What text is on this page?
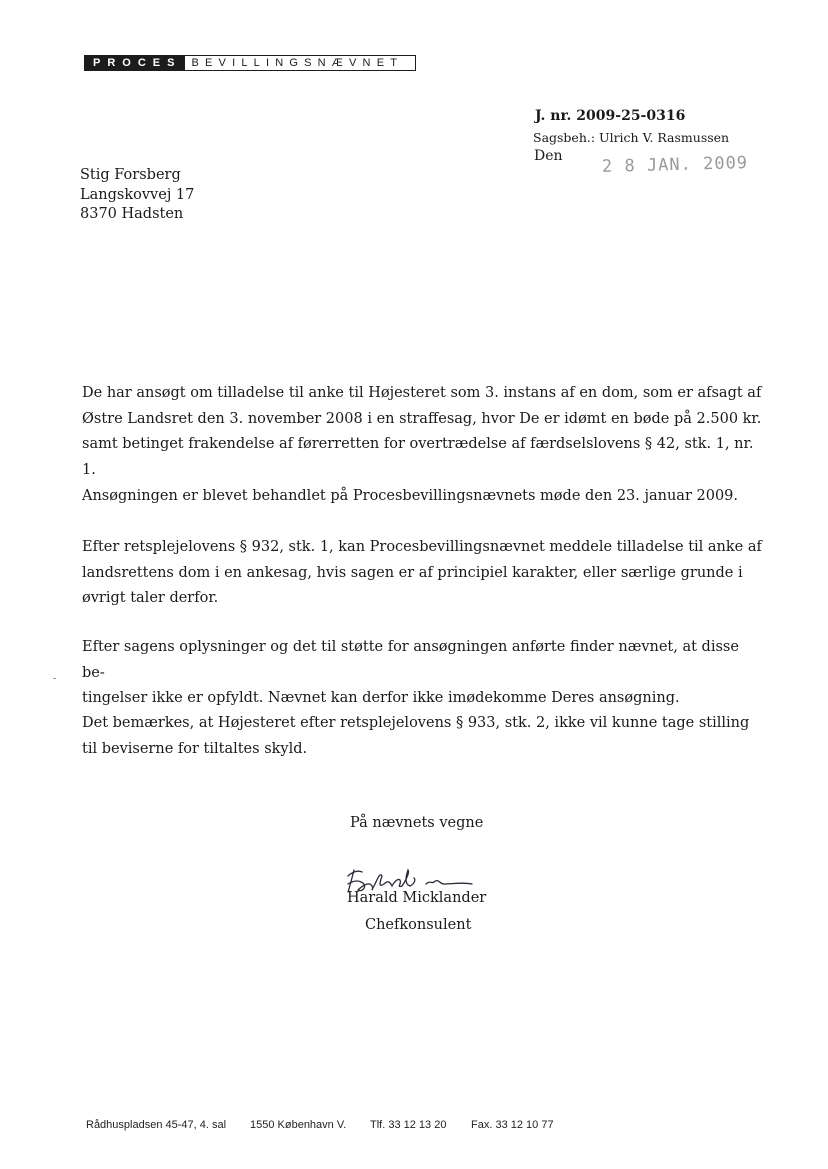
PROCES BEVILLINGSNÆVNET
J. nr. 2009-25-0316
Sagsbeh.: Ulrich V. Rasmussen
Den 2 8 JAN. 2009
Stig Forsberg
Langskovvej 17
8370 Hadsten

De har ansøgt om tilladelse til anke til Højesteret som 3. instans af en dom, som er afsagt af

Østre Landsret den 3. november 2008 i en straffesag, hvor De er idømt en bøde på 2.500 kr.

samt betinget frakendelse af førerretten for overtrædelse af færdselslovens § 42, stk. 1, nr. 1.

Ansøgningen er blevet behandlet på Procesbevillingsnævnets møde den 23. januar 2009.

Efter retsplejelovens § 932, stk. 1, kan Procesbevillingsnævnet meddele tilladelse til anke af

landsrettens dom i en ankesag, hvis sagen er af principiel karakter, eller særlige grunde i

øvrigt taler derfor.

Efter sagens oplysninger og det til støtte for ansøgningen anførte finder nævnet, at disse be-

tingelser ikke er opfyldt. Nævnet kan derfor ikke imødekomme Deres ansøgning.

Det bemærkes, at Højesteret efter retsplejelovens § 933, stk. 2, ikke vil kunne tage stilling

til beviserne for tiltaltes skyld.

På nævnets vegne
Harald Micklander
Chefkonsulent
Rådhuspladsen 45-47, 4. sal	1550 København V.	Tlf. 33 12 13 20	Fax. 33 12 10 77
